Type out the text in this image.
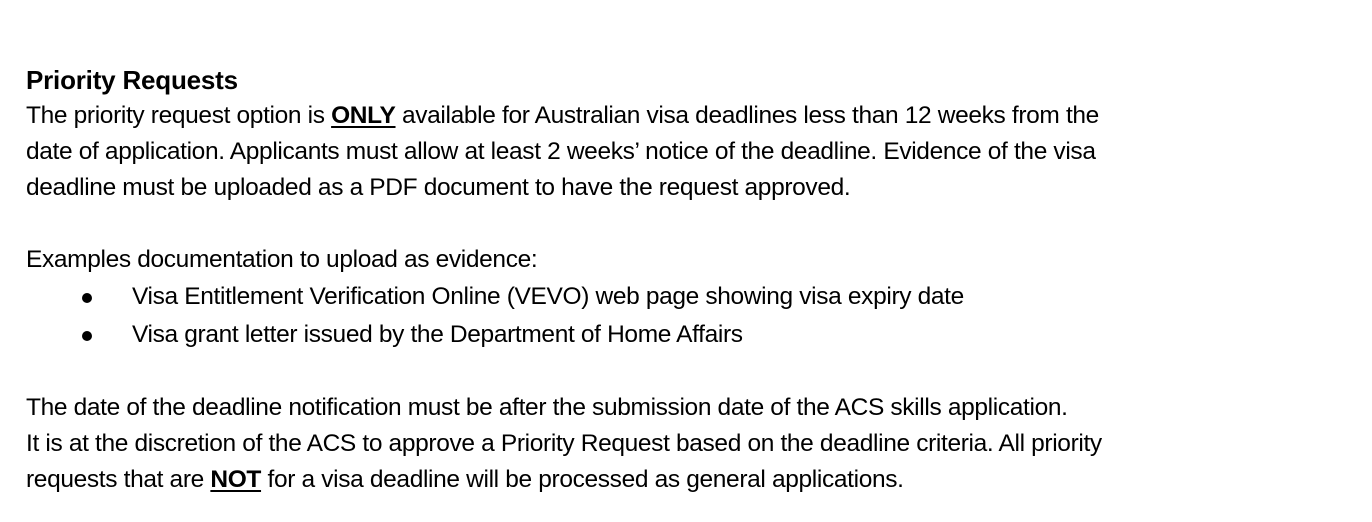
Priority Requests

The priority request option is ONLY available for Australian visa deadlines less than 12 weeks from the
date of application. Applicants must allow at least 2 weeks’ notice of the deadline. Evidence of the visa
deadline must be uploaded as a PDF document to have the request approved.

Examples documentation to upload as evidence:

Visa Entitlement Verification Online (VEVO) web page showing visa expiry date
Visa grant letter issued by the Department of Home Affairs

The date of the deadline notification must be after the submission date of the ACS skills application.
It is at the discretion of the ACS to approve a Priority Request based on the deadline criteria. All priority
requests that are NOT for a visa deadline will be processed as general applications.
